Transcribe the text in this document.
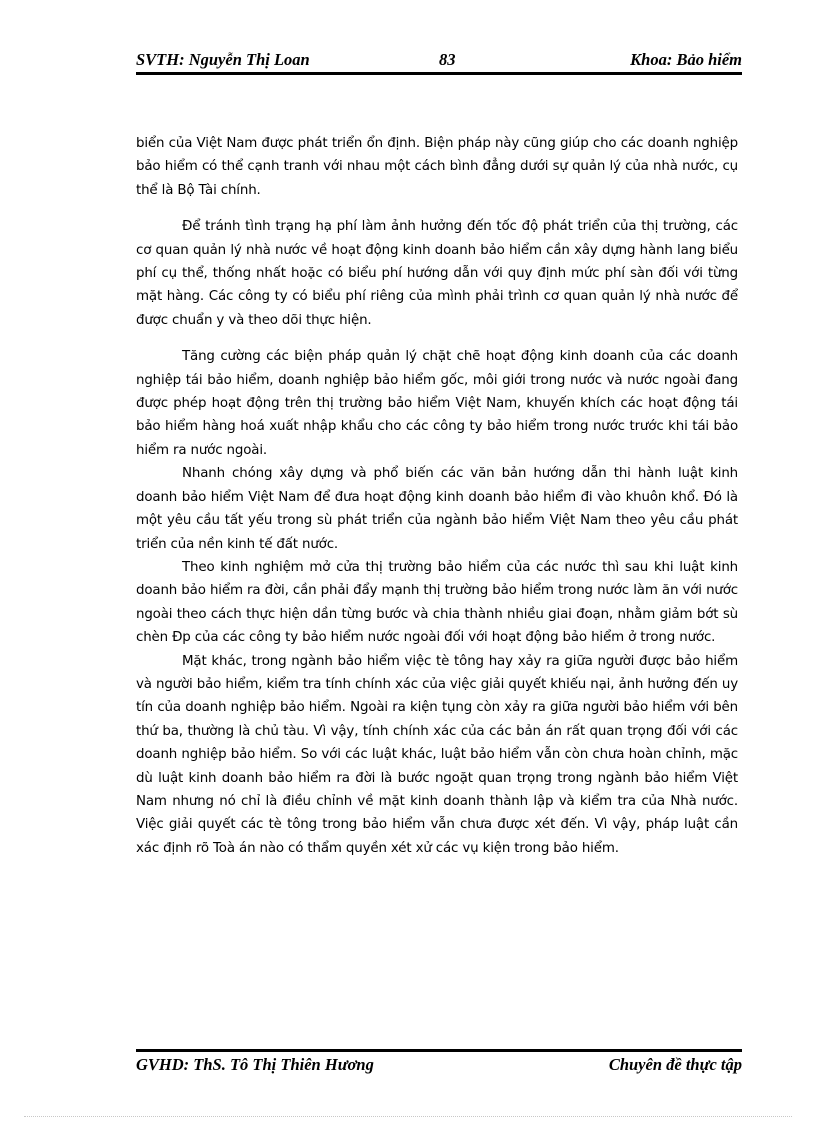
SVTH: Nguyễn Thị Loan	83	Khoa: Bảo hiểm

biển của Việt Nam được phát triển ổn định. Biện pháp này cũng giúp cho các doanh nghiệp bảo hiểm có thể cạnh tranh với nhau một cách bình đẳng dưới sự quản lý của nhà nước, cụ thể là Bộ Tài chính.

Để tránh tình trạng hạ phí làm ảnh hưởng đến tốc độ phát triển của thị trường, các cơ quan quản lý nhà nước về hoạt động kinh doanh bảo hiểm cần xây dựng hành lang biểu phí cụ thể, thống nhất hoặc có biểu phí hướng dẫn với quy định mức phí sàn đối với từng mặt hàng. Các công ty có biểu phí riêng của mình phải trình cơ quan quản lý nhà nước để được chuẩn y và theo dõi thực hiện.

Tăng cường các biện pháp quản lý chặt chẽ hoạt động kinh doanh của các doanh nghiệp tái bảo hiểm, doanh nghiệp bảo hiểm gốc, môi giới trong nước và nước ngoài đang được phép hoạt động trên thị trường bảo hiểm Việt Nam, khuyến khích các hoạt động tái bảo hiểm hàng hoá xuất nhập khẩu cho các công ty bảo hiểm trong nước trước khi tái bảo hiểm ra nước ngoài.

Nhanh chóng xây dựng và phổ biến các văn bản hướng dẫn thi hành luật kinh doanh bảo hiểm Việt Nam để đưa hoạt động kinh doanh bảo hiểm đi vào khuôn khổ. Đó là một yêu cầu tất yếu trong sù phát triển của ngành bảo hiểm Việt Nam theo yêu cầu phát triển của nền kinh tế đất nước.

Theo kinh nghiệm mở cửa thị trường bảo hiểm của các nước thì sau khi luật kinh doanh bảo hiểm ra đời, cần phải đẩy mạnh thị trường bảo hiểm trong nước làm ăn với nước ngoài theo cách thực hiện dần từng bước và chia thành nhiều giai đoạn, nhằm giảm bớt sù chèn Đp của các công ty bảo hiểm nước ngoài đối với hoạt động bảo hiểm ở trong nước.

Mặt khác, trong ngành bảo hiểm việc tè tông hay xảy ra giữa người được bảo hiểm và người bảo hiểm, kiểm tra tính chính xác của việc giải quyết khiếu nại, ảnh hưởng đến uy tín của doanh nghiệp bảo hiểm. Ngoài ra kiện tụng còn xảy ra giữa người bảo hiểm với bên thứ ba, thường là chủ tàu. Vì vậy, tính chính xác của các bản án rất quan trọng đối với các doanh nghiệp bảo hiểm. So với các luật khác, luật bảo hiểm vẫn còn chưa hoàn chỉnh, mặc dù luật kinh doanh bảo hiểm ra đời là bước ngoặt quan trọng trong ngành bảo hiểm Việt Nam nhưng nó chỉ là điều chỉnh về mặt kinh doanh thành lập và kiểm tra của Nhà nước. Việc giải quyết các tè tông trong bảo hiểm vẫn chưa được xét đến. Vì vậy, pháp luật cần xác định rõ Toà án nào có thẩm quyền xét xử các vụ kiện trong bảo hiểm.

GVHD: ThS. Tô Thị Thiên Hương	Chuyên đề thực tập
